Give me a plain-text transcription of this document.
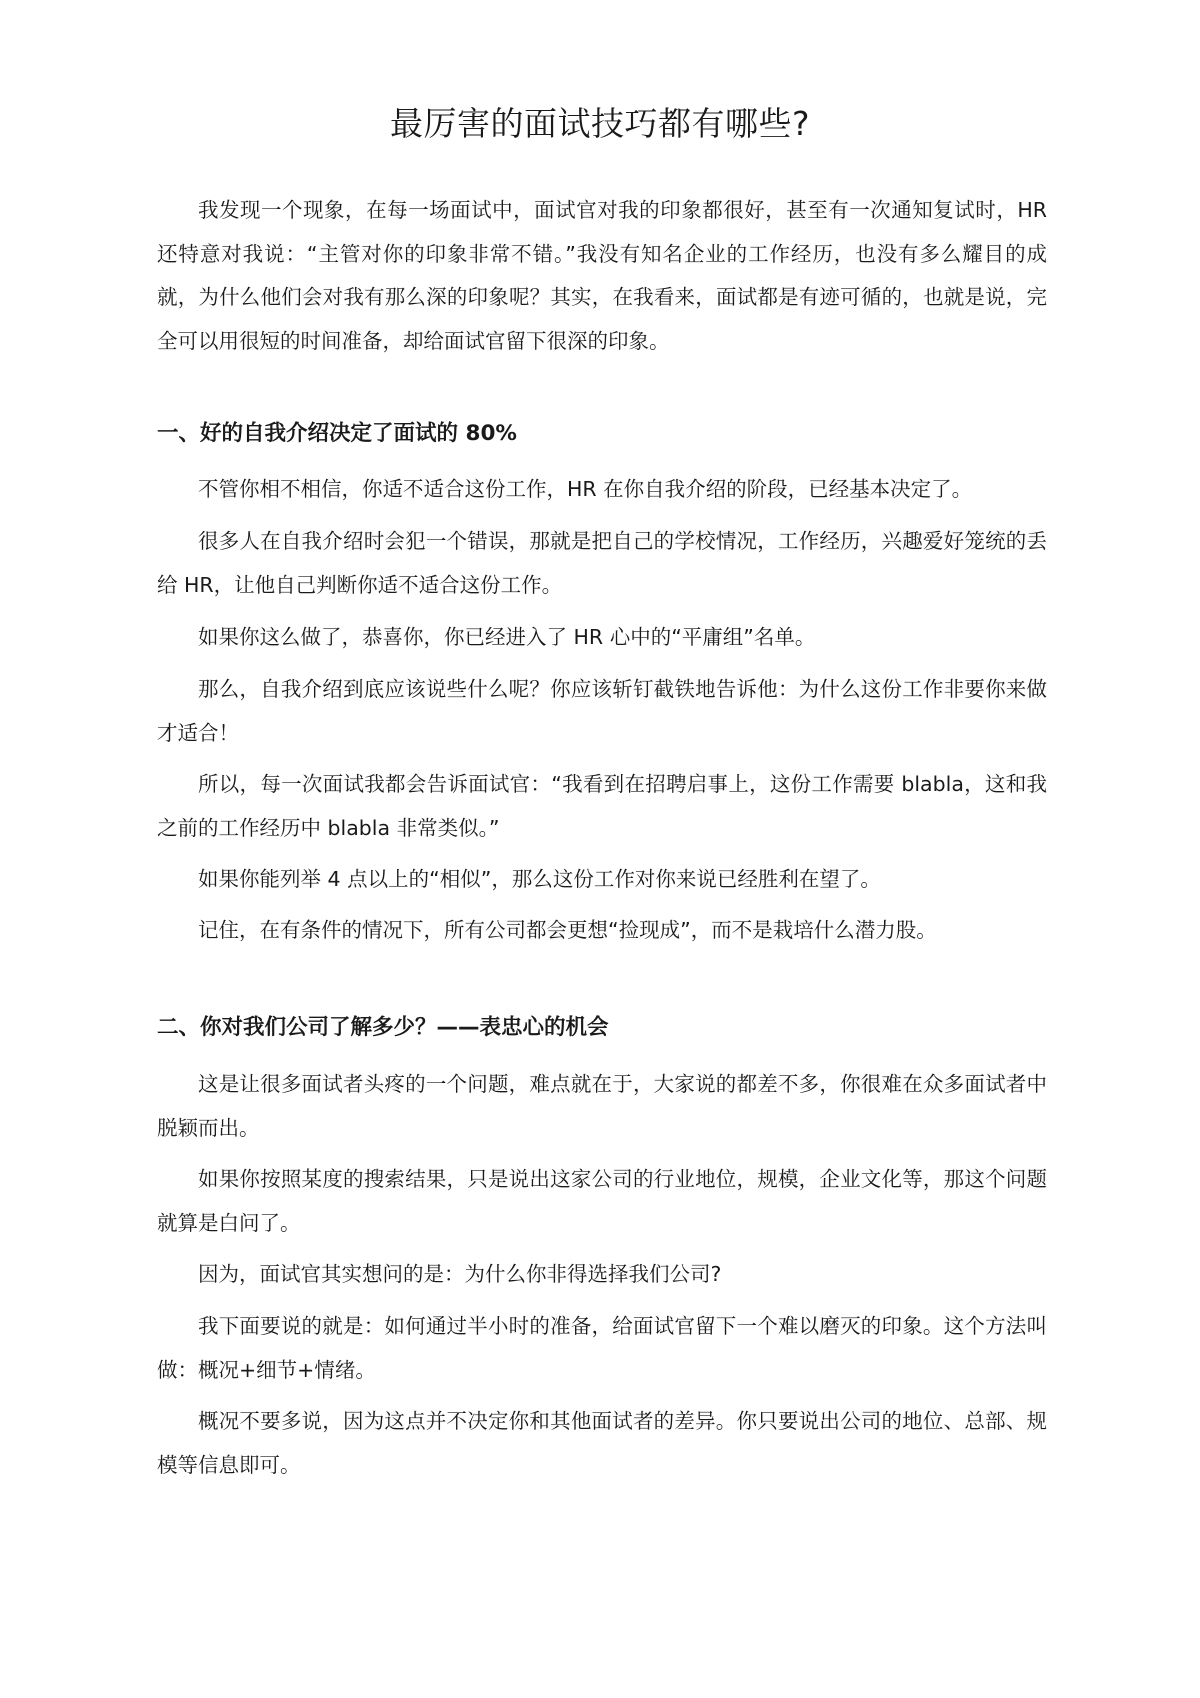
最厉害的面试技巧都有哪些?

我发现一个现象，在每一场面试中，面试官对我的印象都很好，甚至有一次通知复试时，HR 还特意对我说：“主管对你的印象非常不错。”我没有知名企业的工作经历，也没有多么耀目的成就，为什么他们会对我有那么深的印象呢？其实，在我看来，面试都是有迹可循的，也就是说，完全可以用很短的时间准备，却给面试官留下很深的印象。

一、好的自我介绍决定了面试的 80%

不管你相不相信，你适不适合这份工作，HR 在你自我介绍的阶段，已经基本决定了。

很多人在自我介绍时会犯一个错误，那就是把自己的学校情况，工作经历，兴趣爱好笼统的丢给 HR，让他自己判断你适不适合这份工作。

如果你这么做了，恭喜你，你已经进入了 HR 心中的“平庸组”名单。

那么，自我介绍到底应该说些什么呢？你应该斩钉截铁地告诉他：为什么这份工作非要你来做才适合！

所以，每一次面试我都会告诉面试官：“我看到在招聘启事上，这份工作需要 blabla，这和我之前的工作经历中 blabla 非常类似。”

如果你能列举 4 点以上的“相似”，那么这份工作对你来说已经胜利在望了。

记住，在有条件的情况下，所有公司都会更想“捡现成”，而不是栽培什么潜力股。

二、你对我们公司了解多少？——表忠心的机会

这是让很多面试者头疼的一个问题，难点就在于，大家说的都差不多，你很难在众多面试者中脱颖而出。

如果你按照某度的搜索结果，只是说出这家公司的行业地位，规模，企业文化等，那这个问题就算是白问了。

因为，面试官其实想问的是：为什么你非得选择我们公司?

我下面要说的就是：如何通过半小时的准备，给面试官留下一个难以磨灭的印象。这个方法叫做：概况+细节+情绪。

概况不要多说，因为这点并不决定你和其他面试者的差异。你只要说出公司的地位、总部、规模等信息即可。
